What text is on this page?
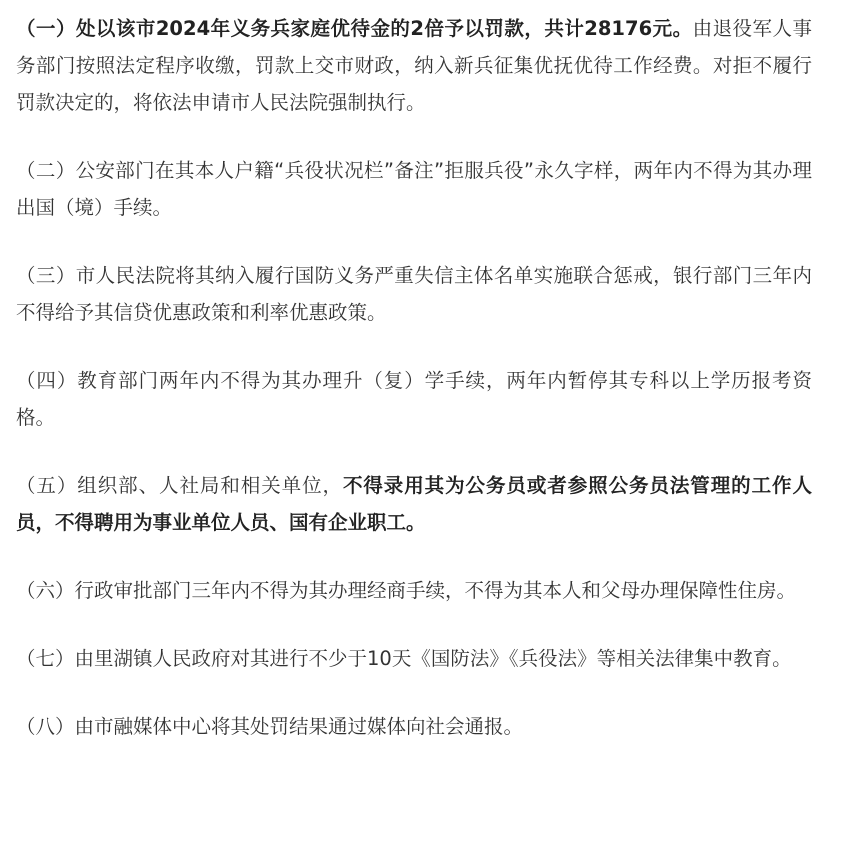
（一）处以该市2024年义务兵家庭优待金的2倍予以罚款，共计28176元。由退役军人事务部门按照法定程序收缴，罚款上交市财政，纳入新兵征集优抚优待工作经费。对拒不履行罚款决定的，将依法申请市人民法院强制执行。

（二）公安部门在其本人户籍“兵役状况栏”备注”拒服兵役”永久字样，两年内不得为其办理出国（境）手续。

（三）市人民法院将其纳入履行国防义务严重失信主体名单实施联合惩戒，银行部门三年内不得给予其信贷优惠政策和利率优惠政策。

（四）教育部门两年内不得为其办理升（复）学手续，两年内暂停其专科以上学历报考资格。

（五）组织部、人社局和相关单位，不得录用其为公务员或者参照公务员法管理的工作人员，不得聘用为事业单位人员、国有企业职工。

（六）行政审批部门三年内不得为其办理经商手续，不得为其本人和父母办理保障性住房。

（七）由里湖镇人民政府对其进行不少于10天《国防法》《兵役法》等相关法律集中教育。

（八）由市融媒体中心将其处罚结果通过媒体向社会通报。
